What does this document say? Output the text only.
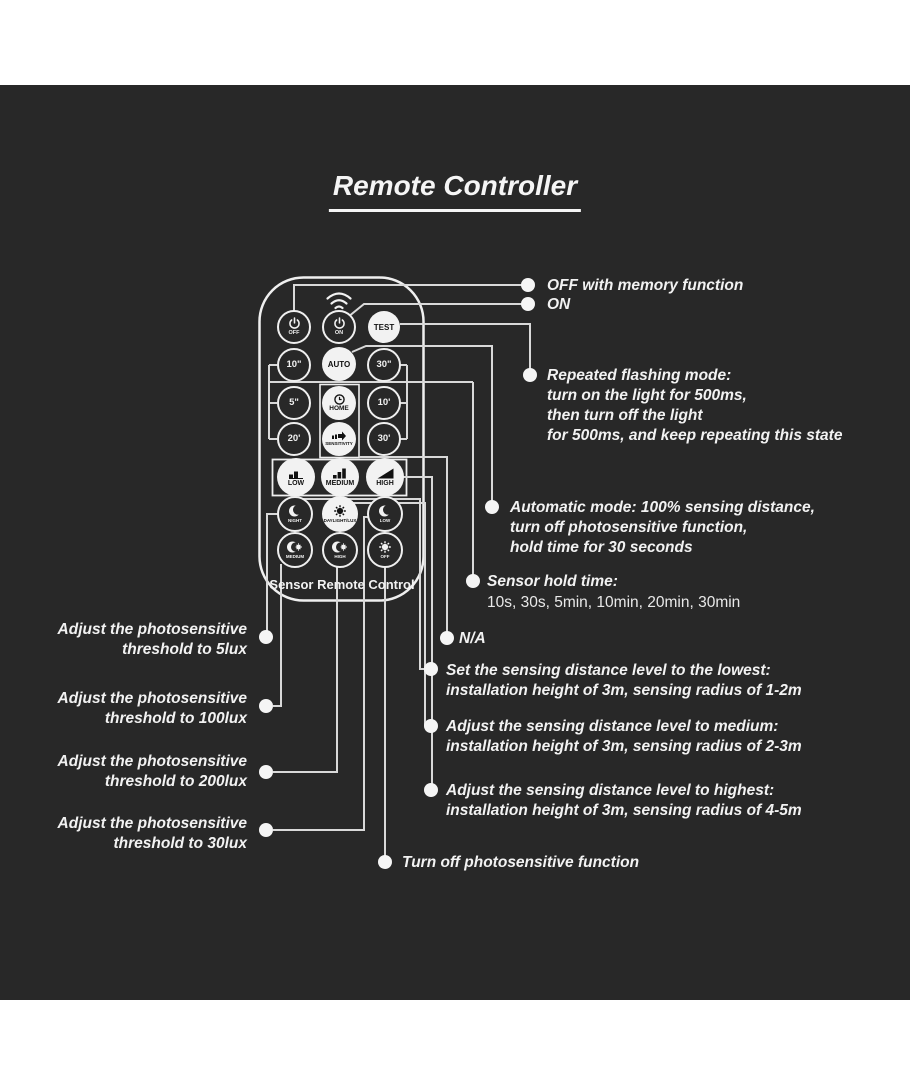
Remote Controller
OFF	ON
TEST
10"	AUTO	30"
5"	HOME	10'
20'	SENSITIVITY	30'
LOW	MEDIUM	HIGH
NIGHT	DAYLIGHT/LUX	LOW
MEDIUM	HIGH	OFF
Sensor Remote Control
OFF with memory function
ON
Repeated flashing mode:
turn on the light for 500ms,
then turn off the light
for 500ms, and keep repeating this state
Automatic mode: 100% sensing distance,
turn off photosensitive function,
hold time for 30 seconds
Sensor hold time:
10s, 30s, 5min, 10min, 20min, 30min
N/A
Set the sensing distance level to the lowest:
installation height of 3m, sensing radius of 1-2m
Adjust the sensing distance level to medium:
installation height of 3m, sensing radius of 2-3m
Adjust the sensing distance level to highest:
installation height of 3m, sensing radius of 4-5m
Turn off photosensitive function
Adjust the photosensitive
threshold to 5lux
Adjust the photosensitive
threshold to 100lux
Adjust the photosensitive
threshold to 200lux
Adjust the photosensitive
threshold to 30lux
